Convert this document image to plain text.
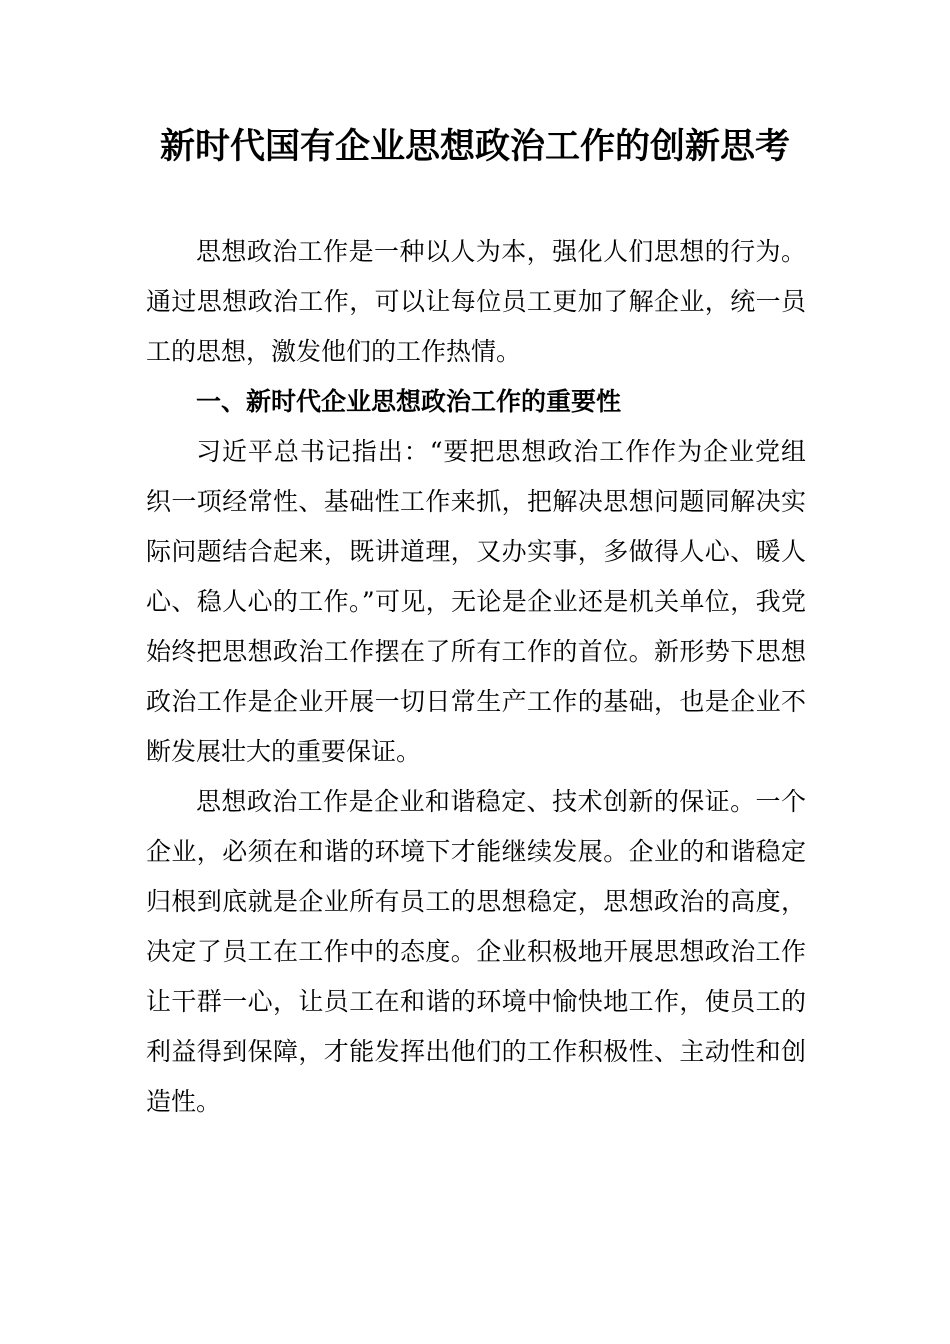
新时代国有企业思想政治工作的创新思考

思想政治工作是一种以人为本，强化人们思想的行为。通过思想政治工作，可以让每位员工更加了解企业，统一员工的思想，激发他们的工作热情。

一、新时代企业思想政治工作的重要性

习近平总书记指出：“要把思想政治工作作为企业党组织一项经常性、基础性工作来抓，把解决思想问题同解决实际问题结合起来，既讲道理，又办实事，多做得人心、暖人心、稳人心的工作。”可见，无论是企业还是机关单位，我党始终把思想政治工作摆在了所有工作的首位。新形势下思想政治工作是企业开展一切日常生产工作的基础，也是企业不断发展壮大的重要保证。

思想政治工作是企业和谐稳定、技术创新的保证。一个企业，必须在和谐的环境下才能继续发展。企业的和谐稳定归根到底就是企业所有员工的思想稳定，思想政治的高度，决定了员工在工作中的态度。企业积极地开展思想政治工作让干群一心，让员工在和谐的环境中愉快地工作，使员工的利益得到保障，才能发挥出他们的工作积极性、主动性和创造性。
